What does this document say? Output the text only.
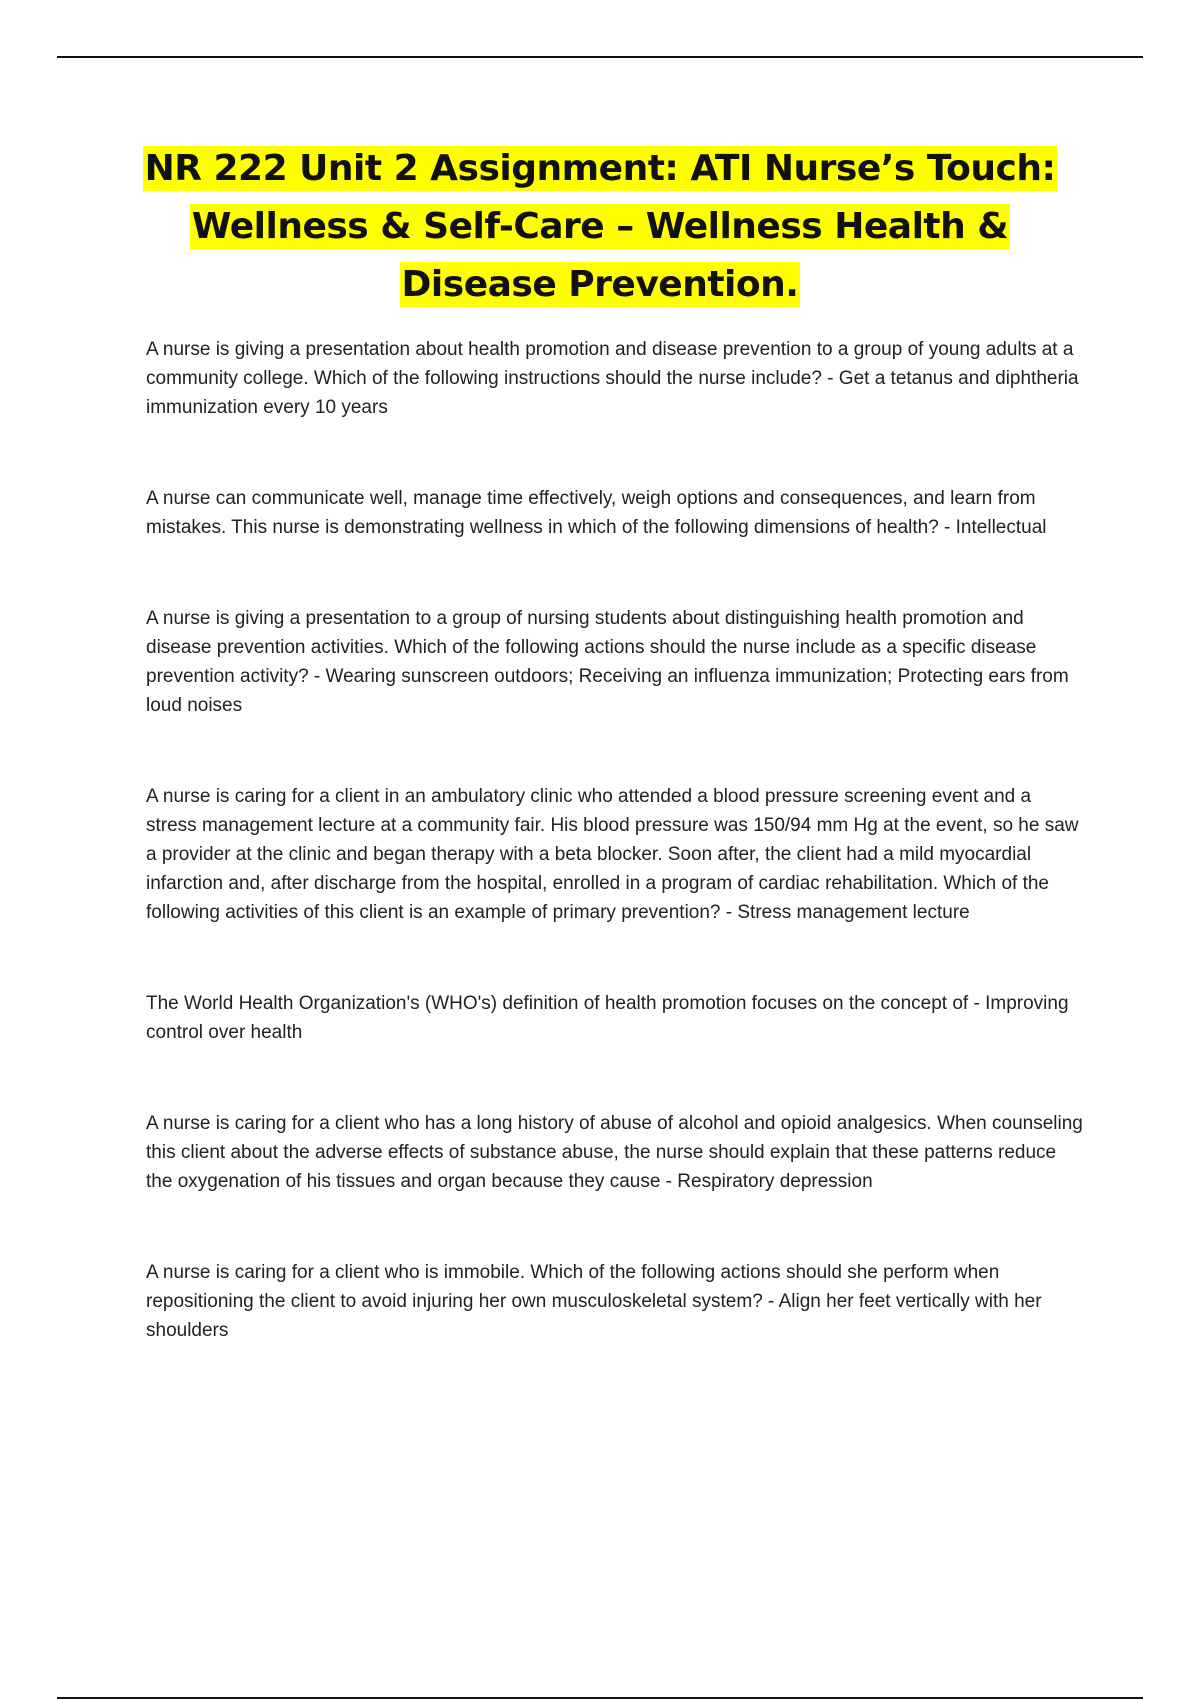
NR 222 Unit 2 Assignment: ATI Nurse’s Touch: Wellness & Self-Care – Wellness Health & Disease Prevention.

A nurse is giving a presentation about health promotion and disease prevention to a group of young adults at a community college. Which of the following instructions should the nurse include? - Get a tetanus and diphtheria immunization every 10 years

A nurse can communicate well, manage time effectively, weigh options and consequences, and learn from mistakes. This nurse is demonstrating wellness in which of the following dimensions of health? - Intellectual

A nurse is giving a presentation to a group of nursing students about distinguishing health promotion and disease prevention activities. Which of the following actions should the nurse include as a specific disease prevention activity? - Wearing sunscreen outdoors; Receiving an influenza immunization; Protecting ears from loud noises

A nurse is caring for a client in an ambulatory clinic who attended a blood pressure screening event and a stress management lecture at a community fair. His blood pressure was 150/94 mm Hg at the event, so he saw a provider at the clinic and began therapy with a beta blocker. Soon after, the client had a mild myocardial infarction and, after discharge from the hospital, enrolled in a program of cardiac rehabilitation. Which of the following activities of this client is an example of primary prevention? - Stress management lecture

The World Health Organization's (WHO's) definition of health promotion focuses on the concept of - Improving control over health

A nurse is caring for a client who has a long history of abuse of alcohol and opioid analgesics. When counseling this client about the adverse effects of substance abuse, the nurse should explain that these patterns reduce the oxygenation of his tissues and organ because they cause - Respiratory depression

A nurse is caring for a client who is immobile. Which of the following actions should she perform when repositioning the client to avoid injuring her own musculoskeletal system? - Align her feet vertically with her shoulders
